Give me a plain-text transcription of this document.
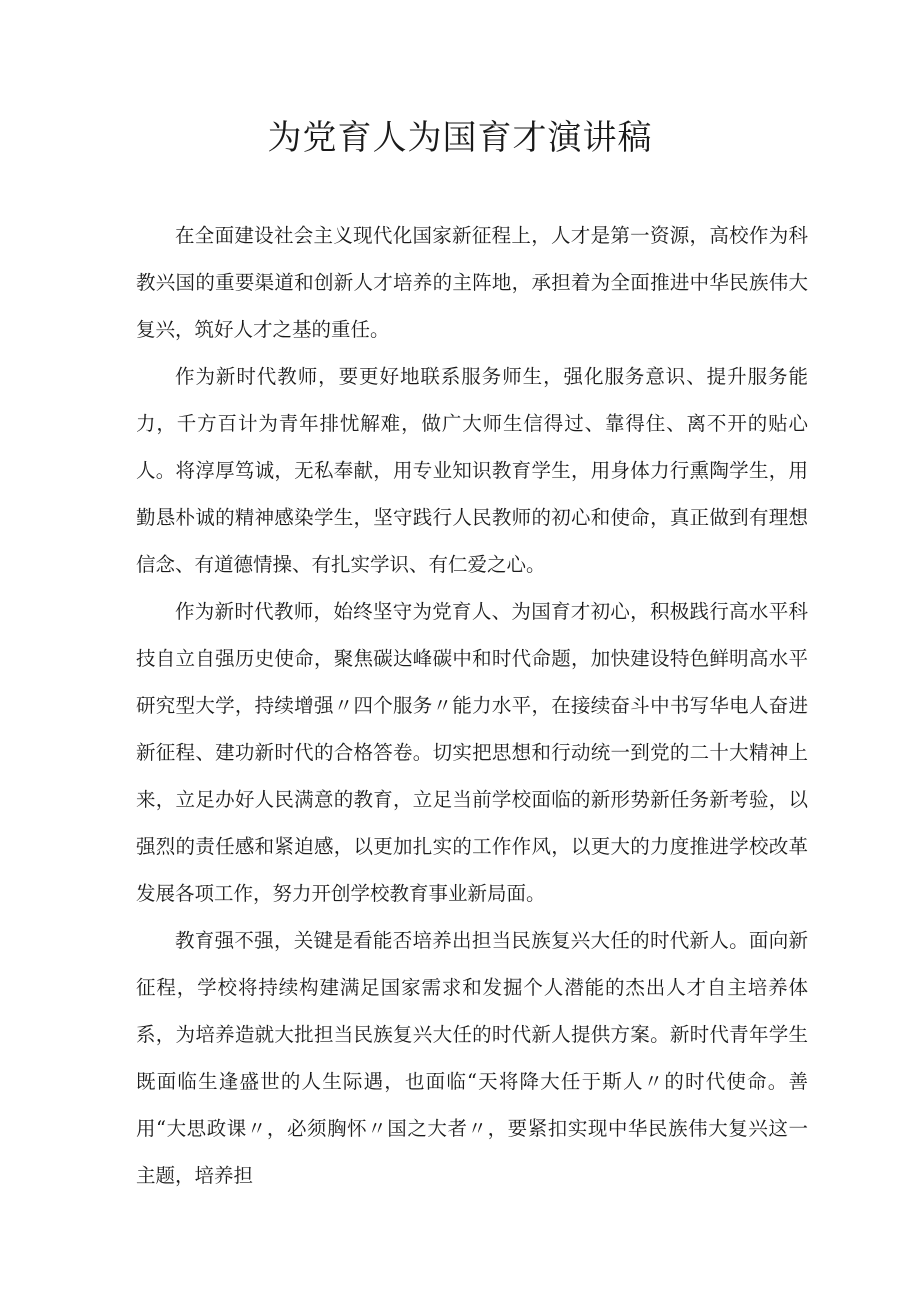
为党育人为国育才演讲稿

在全面建设社会主义现代化国家新征程上，人才是第一资源，高校作为科教兴国的重要渠道和创新人才培养的主阵地，承担着为全面推进中华民族伟大复兴，筑好人才之基的重任。

作为新时代教师，要更好地联系服务师生，强化服务意识、提升服务能力，千方百计为青年排忧解难，做广大师生信得过、靠得住、离不开的贴心人。将淳厚笃诚，无私奉献，用专业知识教育学生，用身体力行熏陶学生，用勤恳朴诚的精神感染学生，坚守践行人民教师的初心和使命，真正做到有理想信念、有道德情操、有扎实学识、有仁爱之心。

作为新时代教师，始终坚守为党育人、为国育才初心，积极践行高水平科技自立自强历史使命，聚焦碳达峰碳中和时代命题，加快建设特色鲜明高水平研究型大学，持续增强〃四个服务〃能力水平，在接续奋斗中书写华电人奋进新征程、建功新时代的合格答卷。切实把思想和行动统一到党的二十大精神上来，立足办好人民满意的教育，立足当前学校面临的新形势新任务新考验，以强烈的责任感和紧迫感，以更加扎实的工作作风，以更大的力度推进学校改革发展各项工作，努力开创学校教育事业新局面。

教育强不强，关键是看能否培养出担当民族复兴大任的时代新人。面向新征程，学校将持续构建满足国家需求和发掘个人潜能的杰出人才自主培养体系，为培养造就大批担当民族复兴大任的时代新人提供方案。新时代青年学生既面临生逢盛世的人生际遇，也面临“天将降大任于斯人〃的时代使命。善用“大思政课〃，必须胸怀〃国之大者〃，要紧扣实现中华民族伟大复兴这一主题，培养担
